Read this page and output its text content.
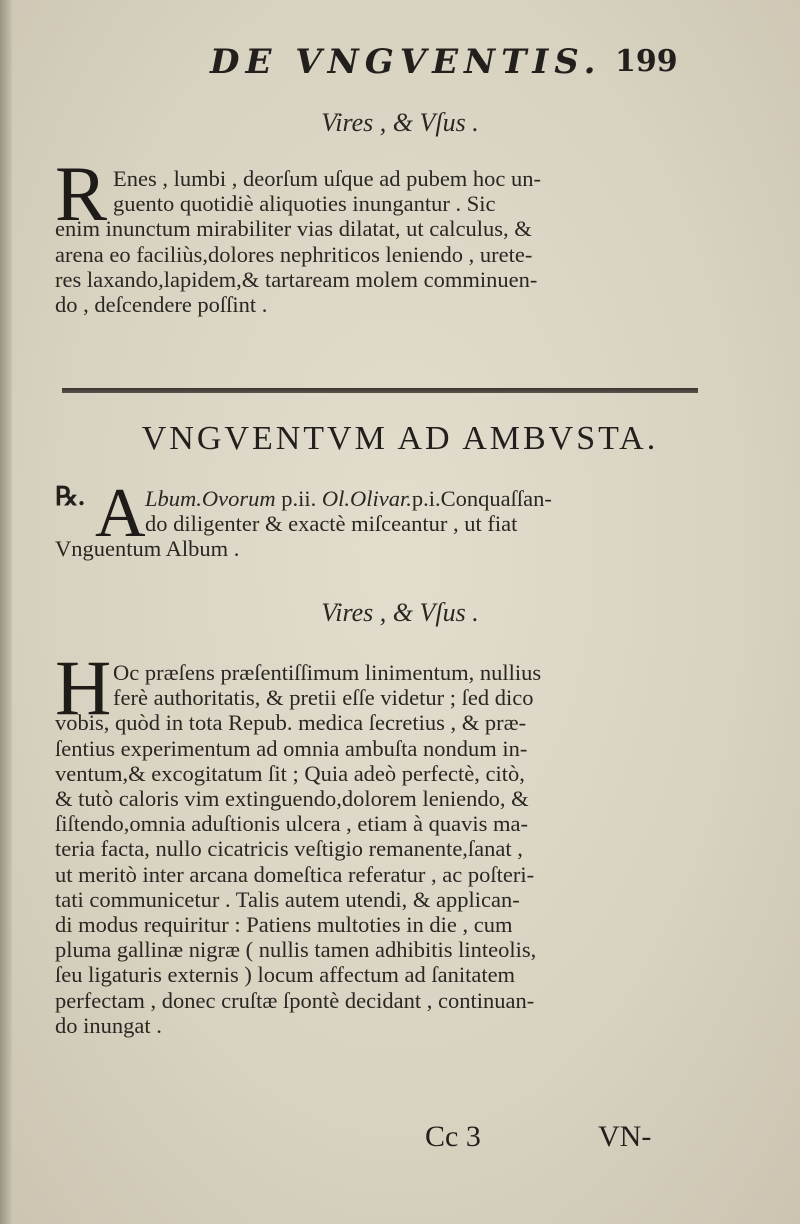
DE VNGVENTIS. 199
Vires , & Vſus .
R Enes , lumbi , deorſum uſque ad pubem hoc un-
guento quotidiè aliquoties inungantur . Sic
enim inunctum mirabiliter vias dilatat, ut calculus, &
arena eo faciliùs,dolores nephriticos leniendo , urete-
res laxando,lapidem,& tartaream molem comminuen-
do , deſcendere poſſint .
VNGVENTVM AD AMBVSTA.
℞. A Lbum.Ovorum p.ii. Ol.Olivar.p.i.Conquaſſan-
do diligenter & exactè miſceantur , ut fiat
Vnguentum Album .
Vires , & Vſus .
H Oc præſens præſentiſſimum linimentum, nullius
ferè authoritatis, & pretii eſſe videtur ; ſed dico
vobis, quòd in tota Repub. medica ſecretius , & præ-
ſentius experimentum ad omnia ambuſta nondum in-
ventum,& excogitatum ſit ; Quia adeò perfectè, citò,
& tutò caloris vim extinguendo,dolorem leniendo, &
ſiſtendo,omnia aduſtionis ulcera , etiam à quavis ma-
teria facta, nullo cicatricis veſtigio remanente,ſanat ,
ut meritò inter arcana domeſtica referatur , ac poſteri-
tati communicetur . Talis autem utendi, & applican-
di modus requiritur : Patiens multoties in die , cum
pluma gallinæ nigræ ( nullis tamen adhibitis linteolis,
ſeu ligaturis externis ) locum affectum ad ſanitatem
perfectam , donec cruſtæ ſpontè decidant , continuan-
do inungat .
Cc 3	VN-
